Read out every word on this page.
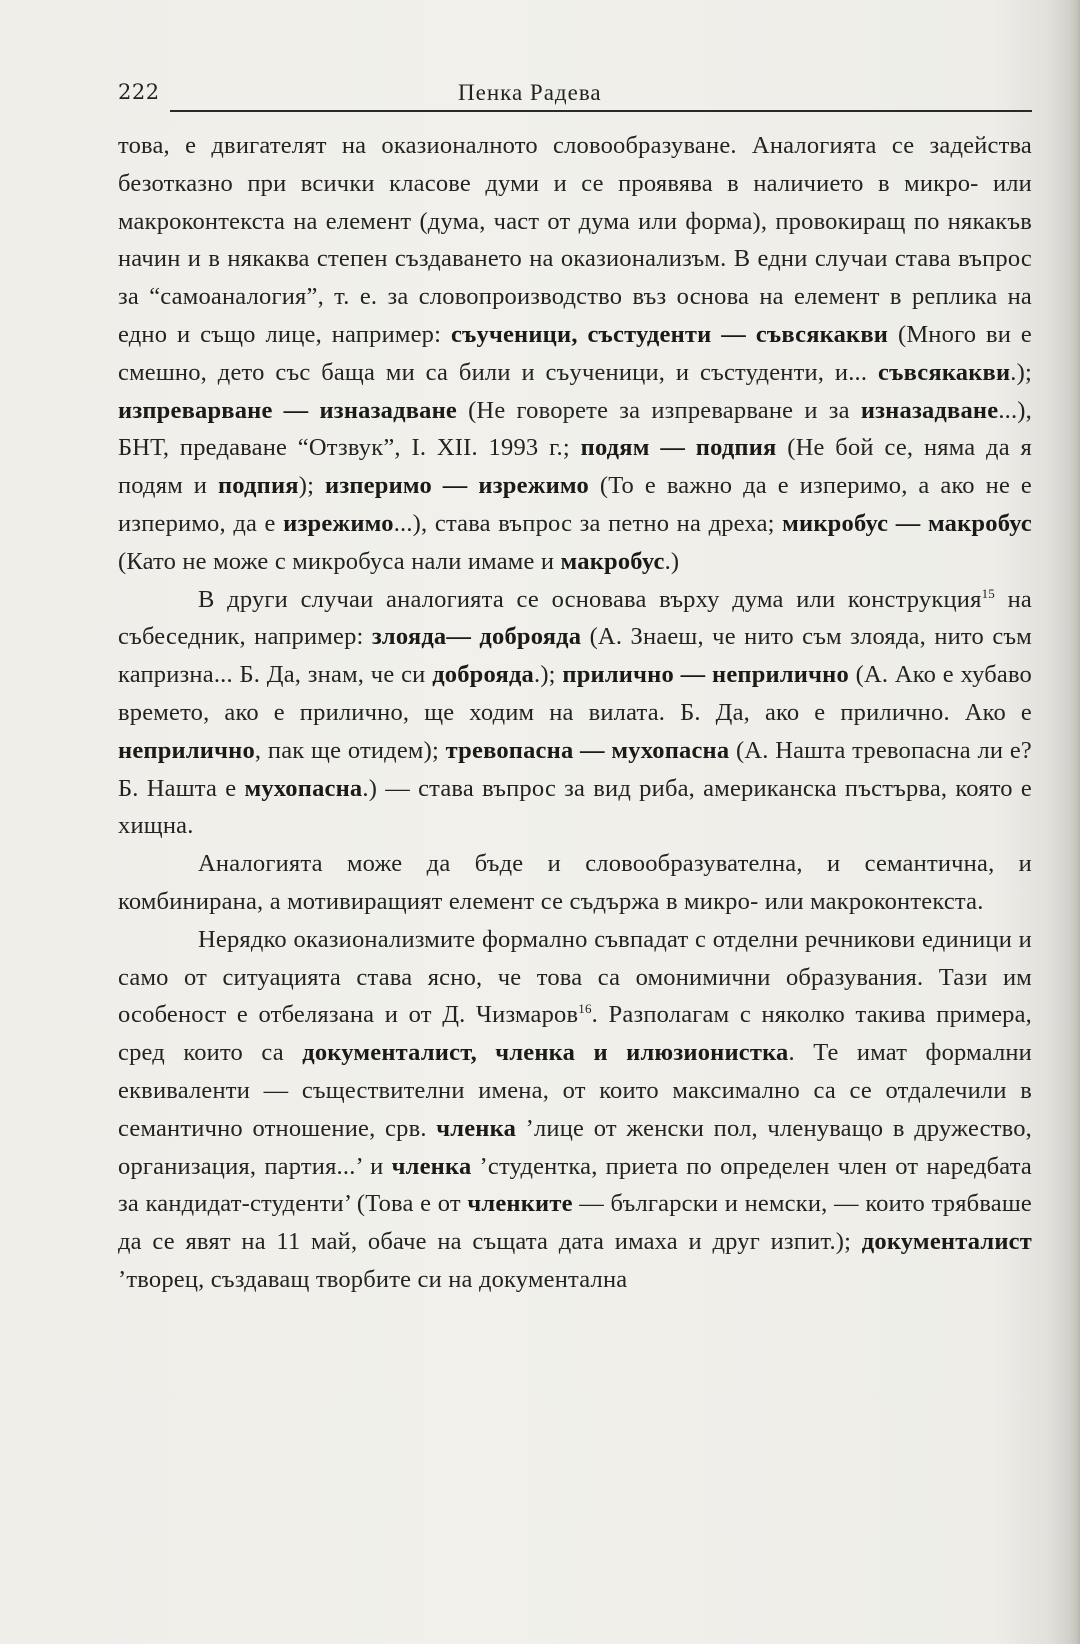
222	Пенка Радева

това, е двигателят на оказионалното словообразуване. Аналогията се задейства безотказно при всички класове думи и се проявява в наличието в микро- или макроконтекста на елемент (дума, част от дума или форма), провокиращ по някакъв начин и в някаква степен създаването на оказионализъм. В едни случаи става въпрос за “самоаналогия”, т. е. за словопроизводство въз основа на елемент в реплика на едно и също лице, например: съученици, състуденти — съвсякакви (Много ви е смешно, дето със баща ми са били и съученици, и състуденти, и... съвсякакви.); изпреварване — изназадване (Не говорете за изпреварване и за изназадване...), БНТ, предаване “Отзвук”, I. XII. 1993 г.; подям — подпия (Не бой се, няма да я подям и подпия); изперимо — изрежимо (То е важно да е изперимо, а ако не е изперимо, да е изрежимо...), става въпрос за петно на дреха; микробус — макробус (Като не може с микробуса нали имаме и макробус.)

В други случаи аналогията се основава върху дума или конструкция$^{15}$ на събеседник, например: злояда— доброяда (А. Знаеш, че нито съм злояда, нито съм капризна... Б. Да, знам, че си доброяда.); прилично — неприлично (А. Ако е хубаво времето, ако е прилично, ще ходим на вилата. Б. Да, ако е прилично. Ако е неприлично, пак ще отидем); тревопасна — мухопасна (А. Нашта тревопасна ли е? Б. Нашта е мухопасна.) — става въпрос за вид риба, американска пъстърва, която е хищна.

Аналогията може да бъде и словообразувателна, и семантична, и комбинирана, а мотивиращият елемент се съдържа в микро- или макроконтекста.

Нерядко оказионализмите формално съвпадат с отделни речникови единици и само от ситуацията става ясно, че това са омонимични образувания. Тази им особеност е отбелязана и от Д. Чизмаров$^{16}$. Разполагам с няколко такива примера, сред които са документалист, членка и илюзионистка. Те имат формални еквиваленти — съществителни имена, от които максимално са се отдалечили в семантично отношение, срв. членка ’лице от женски пол, членуващо в дружество, организация, партия...’ и членка ’студентка, приета по определен член от наредбата за кандидат-студенти’ (Това е от членките — български и немски, — които трябваше да се явят на 11 май, обаче на същата дата имаха и друг изпит.); документалист ’творец, създаващ творбите си на документална
